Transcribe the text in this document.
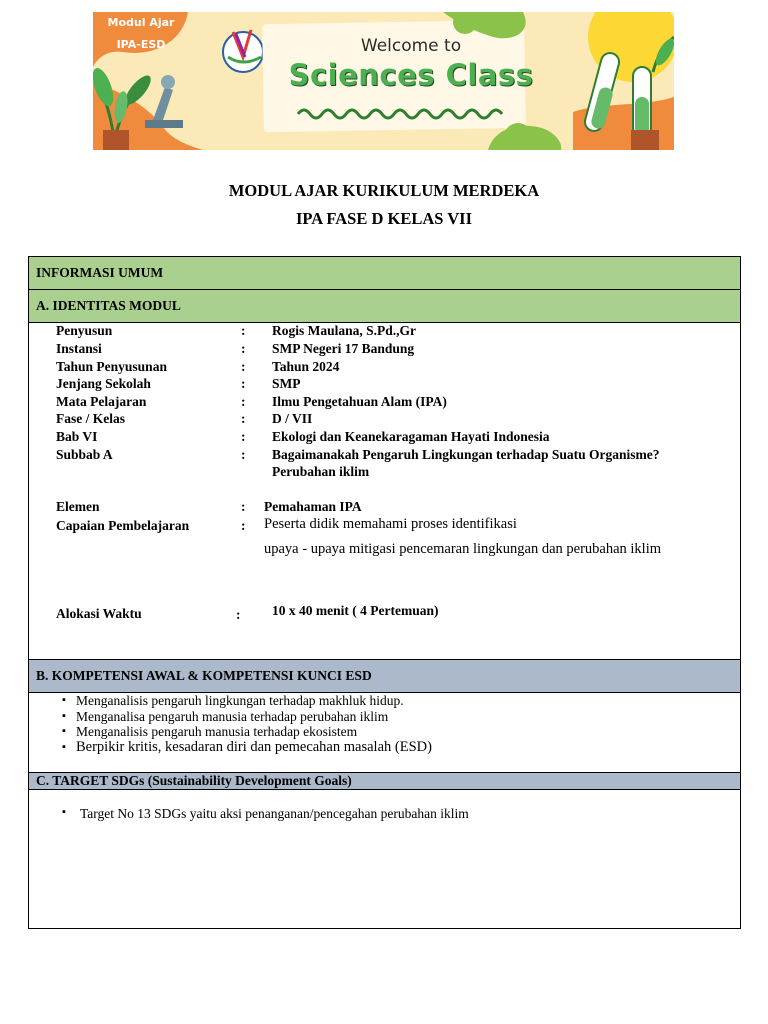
Modul Ajar
IPA-ESD	Welcome to
Sciences Class
MODUL AJAR KURIKULUM MERDEKA
IPA FASE D KELAS VII
INFORMASI UMUM
A. IDENTITAS MODUL
Penyusun	: Rogis Maulana, S.Pd.,Gr
Instansi	: SMP Negeri 17 Bandung
Tahun Penyusunan	: Tahun 2024
Jenjang Sekolah	: SMP
Mata Pelajaran	: Ilmu Pengetahuan Alam (IPA)
Fase / Kelas	: D / VII
Bab VI	: Ekologi dan Keanekaragaman Hayati Indonesia
Subbab A	: Bagaimanakah Pengaruh Lingkungan terhadap Suatu Organisme?
Perubahan iklim
Elemen	: Pemahaman IPA
Capaian Pembelajaran	: Peserta didik memahami proses identifikasi
upaya - upaya mitigasi pencemaran lingkungan dan perubahan iklim
Alokasi Waktu	: 10 x 40 menit ( 4 Pertemuan)
B. KOMPETENSI AWAL & KOMPETENSI KUNCI ESD
▪ Menganalisis pengaruh lingkungan terhadap makhluk hidup.
▪ Menganalisa pengaruh manusia terhadap perubahan iklim
▪ Menganalisis pengaruh manusia terhadap ekosistem
▪ Berpikir kritis, kesadaran diri dan pemecahan masalah (ESD)
C. TARGET SDGs (Sustainability Development Goals)
▪ Target No 13 SDGs yaitu aksi penanganan/pencegahan perubahan iklim
